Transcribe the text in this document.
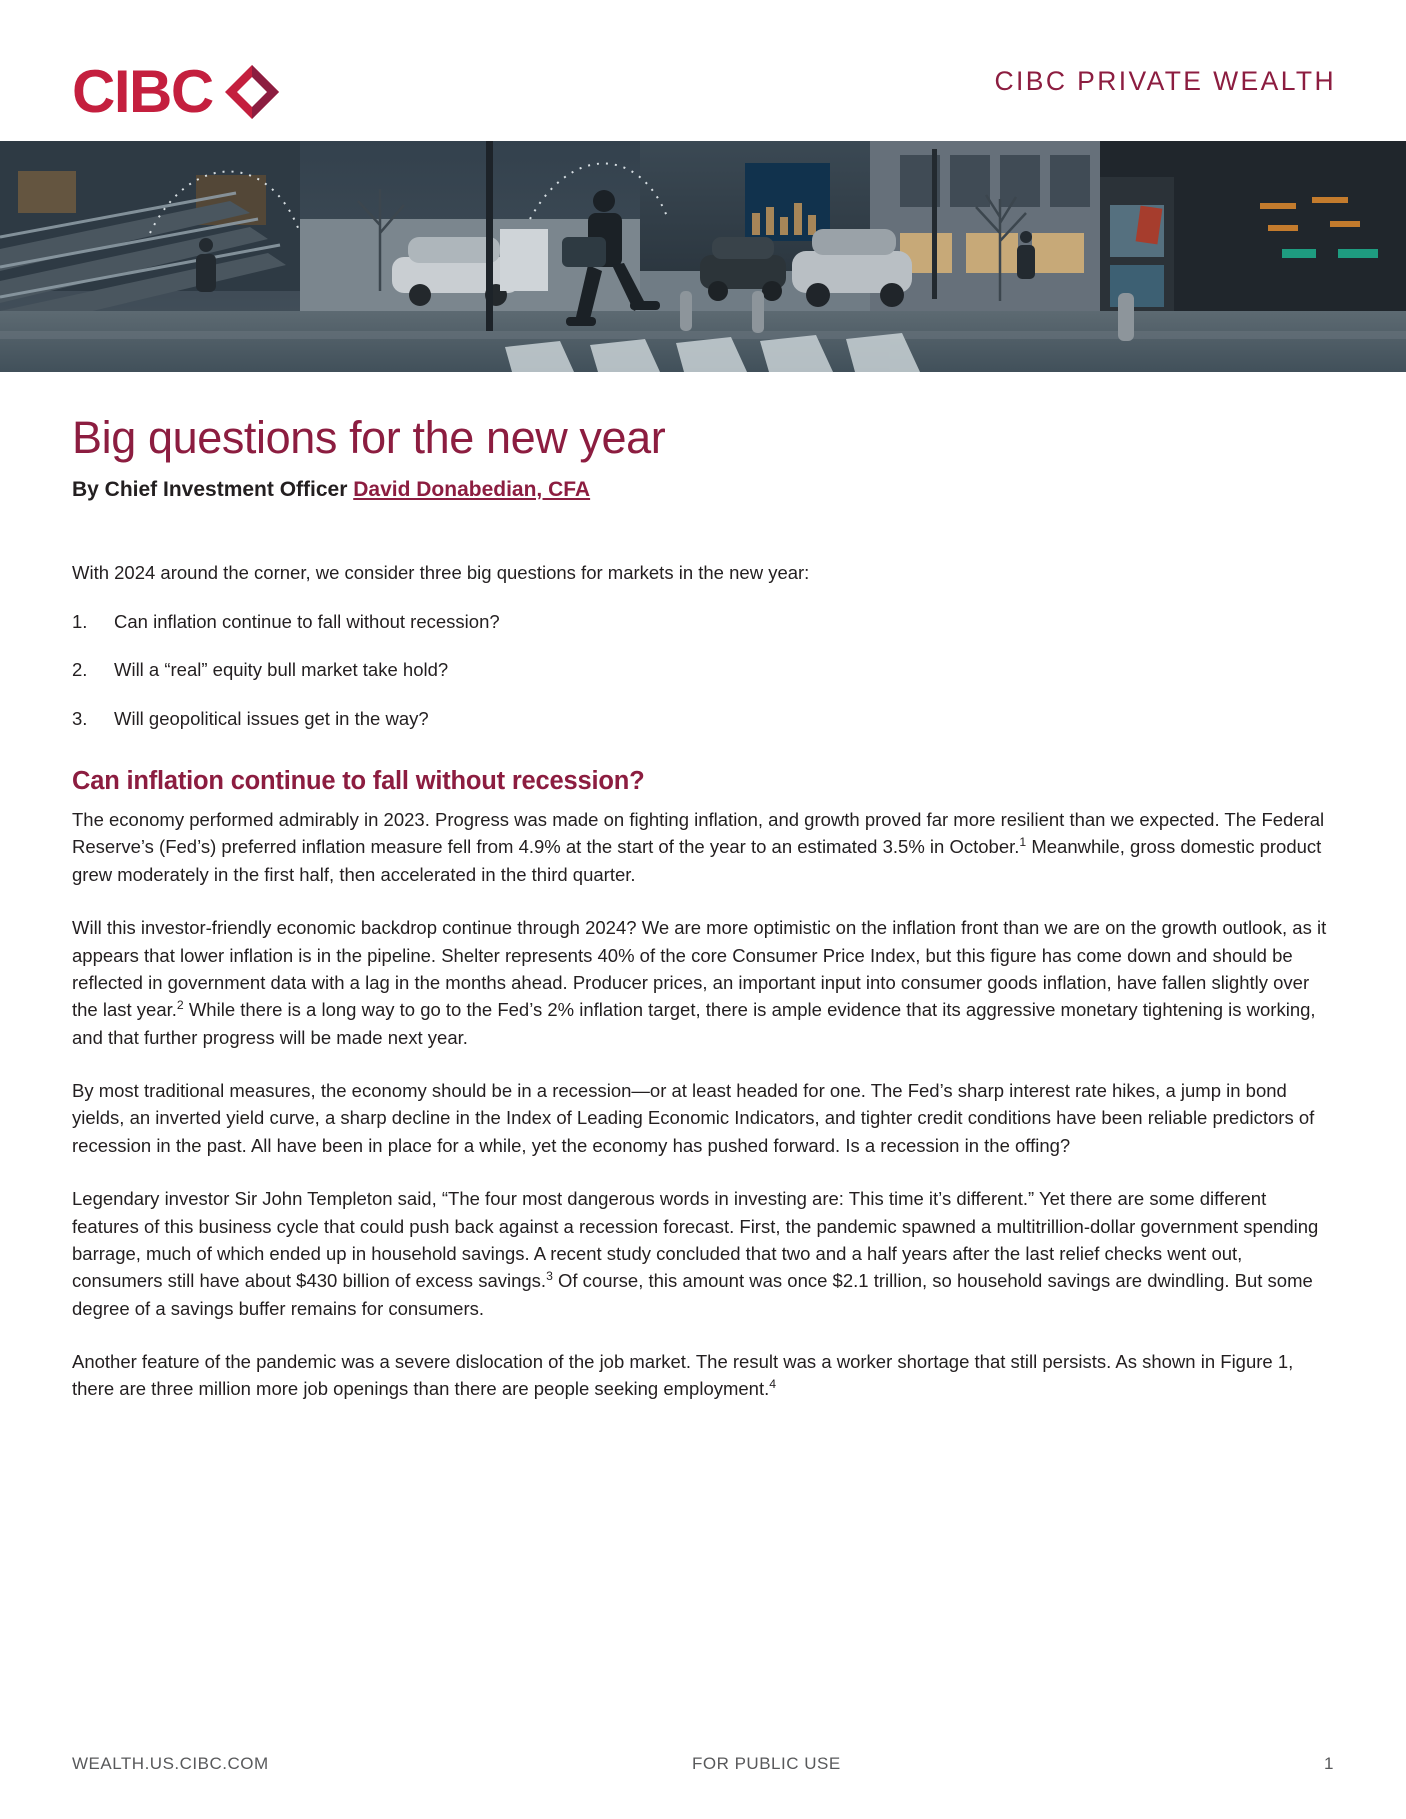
CIBC	CIBC PRIVATE WEALTH
Big questions for the new year

By Chief Investment Officer David Donabedian, CFA

With 2024 around the corner, we consider three big questions for markets in the new year:

1. Can inflation continue to fall without recession?
2. Will a “real” equity bull market take hold?
3. Will geopolitical issues get in the way?
Can inflation continue to fall without recession?

The economy performed admirably in 2023. Progress was made on fighting inflation, and growth proved far more resilient than we expected. The Federal Reserve’s (Fed’s) preferred inflation measure fell from 4.9% at the start of the year to an estimated 3.5% in October.$^1$ Meanwhile, gross domestic product grew moderately in the first half, then accelerated in the third quarter.

Will this investor-friendly economic backdrop continue through 2024? We are more optimistic on the inflation front than we are on the growth outlook, as it appears that lower inflation is in the pipeline. Shelter represents 40% of the core Consumer Price Index, but this figure has come down and should be reflected in government data with a lag in the months ahead. Producer prices, an important input into consumer goods inflation, have fallen slightly over the last year.$^2$ While there is a long way to go to the Fed’s 2% inflation target, there is ample evidence that its aggressive monetary tightening is working, and that further progress will be made next year.

By most traditional measures, the economy should be in a recession—or at least headed for one. The Fed’s sharp interest rate hikes, a jump in bond yields, an inverted yield curve, a sharp decline in the Index of Leading Economic Indicators, and tighter credit conditions have been reliable predictors of recession in the past. All have been in place for a while, yet the economy has pushed forward. Is a recession in the offing?

Legendary investor Sir John Templeton said, “The four most dangerous words in investing are: This time it’s different.” Yet there are some different features of this business cycle that could push back against a recession forecast. First, the pandemic spawned a multitrillion-dollar government spending barrage, much of which ended up in household savings. A recent study concluded that two and a half years after the last relief checks went out, consumers still have about $430 billion of excess savings.$^3$ Of course, this amount was once $2.1 trillion, so household savings are dwindling. But some degree of a savings buffer remains for consumers.

Another feature of the pandemic was a severe dislocation of the job market. The result was a worker shortage that still persists. As shown in Figure 1, there are three million more job openings than there are people seeking employment.$^4$

WEALTH.US.CIBC.COM	FOR PUBLIC USE	1
